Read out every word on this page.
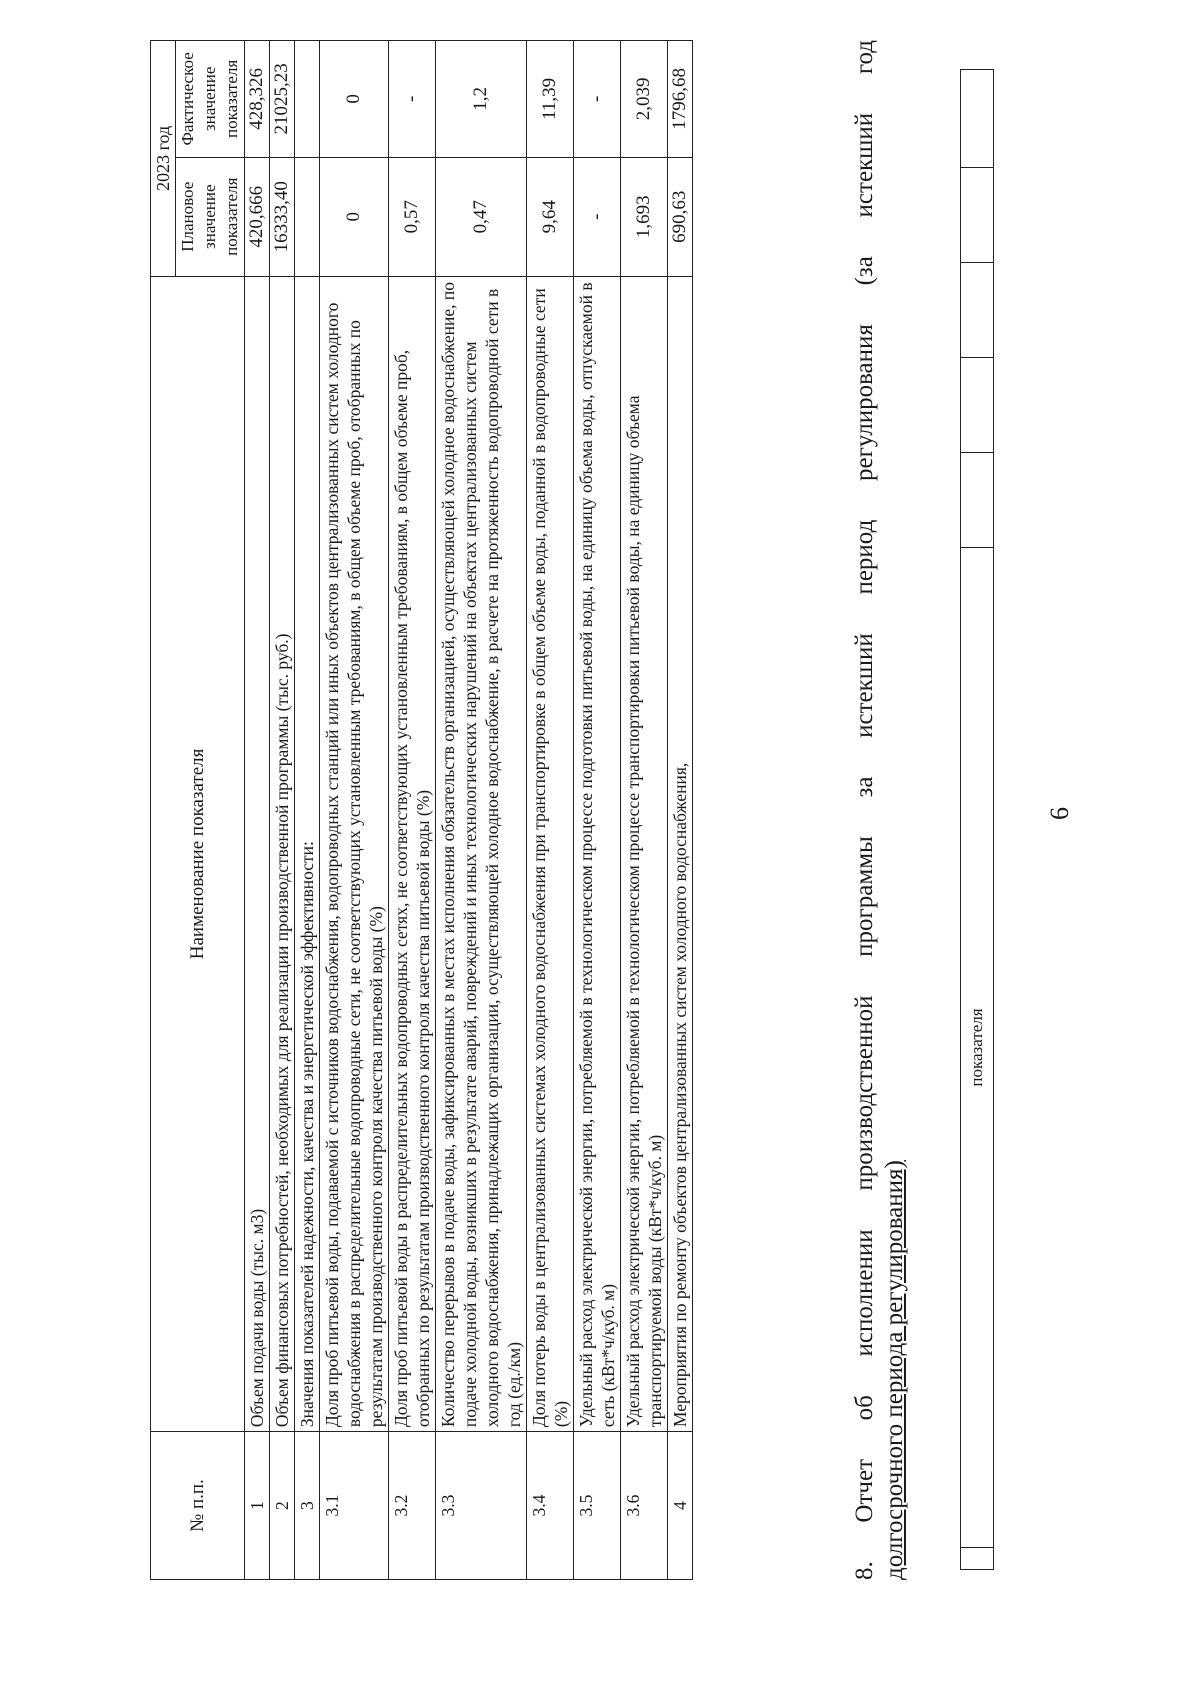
6
	показателя					
8. Отчет об исполнении производственной программы за истекший период регулирования (за истекший год долгосрочного периода регулирования)
№ п.п.	Наименование показателя	2023 год	
		Плановое значение показателя	Фактическое значение показателя
1	Объем подачи воды (тыс. м3)	420,666	428,326
2	Объем финансовых потребностей, необходимых для реализации производственной программы (тыс. руб.)	16333,40	21025,23
3	Значения показателей надежности, качества и энергетической эффективности:		
3.1	Доля проб питьевой воды, подаваемой с источников водоснабжения, водопроводных станций или иных объектов централизованных систем холодного водоснабжения в распределительные водопроводные сети, не соответствующих установленным требованиям, в общем объеме проб, отобранных по результатам производственного контроля качества питьевой воды (%)	0	0
3.2	Доля проб питьевой воды в распределительных водопроводных сетях, не соответствующих установленным требованиям, в общем объеме проб, отобранных по результатам производственного контроля качества питьевой воды (%)	0,57	-
3.3	Количество перерывов в подаче воды, зафиксированных в местах исполнения обязательств организацией, осуществляющей холодное водоснабжение, по подаче холодной воды, возникших в результате аварий, повреждений и иных технологических нарушений на объектах централизованных систем холодного водоснабжения, принадлежащих организации, осуществляющей холодное водоснабжение, в расчете на протяженность водопроводной сети в год (ед./км)	0,47	1,2
3.4	Доля потерь воды в централизованных системах холодного водоснабжения при транспортировке в общем объеме воды, поданной в водопроводные сети (%)	9,64	11,39
3.5	Удельный расход электрической энергии, потребляемой в технологическом процессе подготовки питьевой воды, на единицу объема воды, отпускаемой в сеть (кВт*ч/куб. м)	-	-
3.6	Удельный расход электрической энергии, потребляемой в технологическом процессе транспортировки питьевой воды, на единицу объема транспортируемой воды (кВт*ч/куб. м)	1,693	2,039
4	Мероприятия по ремонту объектов централизованных систем холодного водоснабжения,	690,63	1796,68
